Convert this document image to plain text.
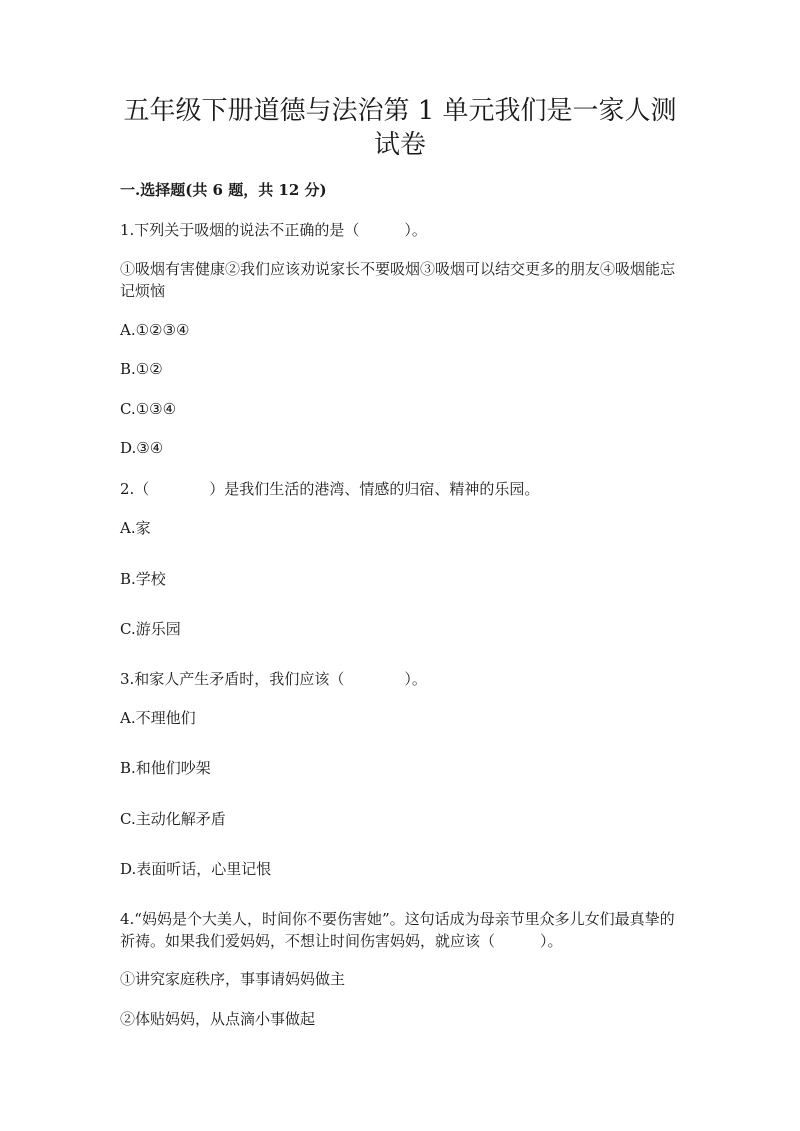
五年级下册道德与法治第 1 单元我们是一家人测试卷
一.选择题(共 6 题，共 12 分)
1.下列关于吸烟的说法不正确的是（　　　）。
①吸烟有害健康②我们应该劝说家长不要吸烟③吸烟可以结交更多的朋友④吸烟能忘记烦恼
A.①②③④
B.①②
C.①③④
D.③④
2.（　　　　）是我们生活的港湾、情感的归宿、精神的乐园。
A.家
B.学校
C.游乐园
3.和家人产生矛盾时，我们应该（　　　　）。
A.不理他们
B.和他们吵架
C.主动化解矛盾
D.表面听话，心里记恨
4.“妈妈是个大美人，时间你不要伤害她”。这句话成为母亲节里众多儿女们最真挚的祈祷。如果我们爱妈妈，不想让时间伤害妈妈，就应该（　　　）。
①讲究家庭秩序，事事请妈妈做主
②体贴妈妈，从点滴小事做起
